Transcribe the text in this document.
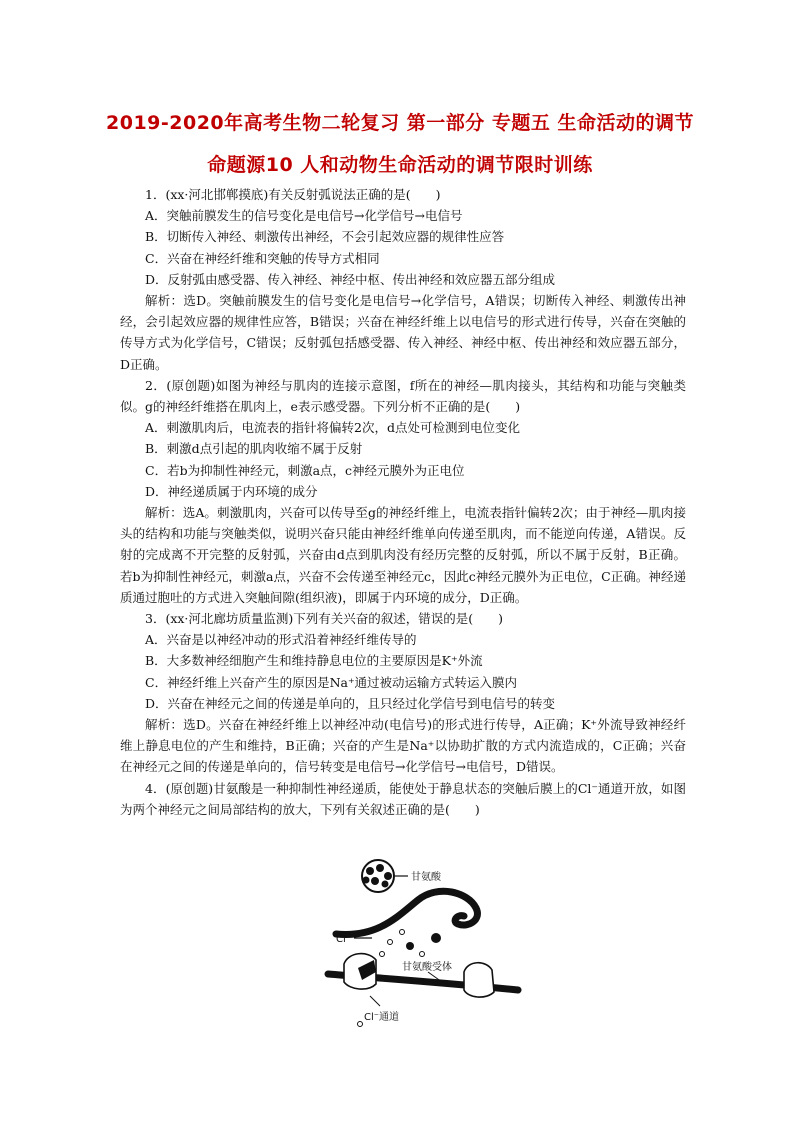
2019-2020年高考生物二轮复习 第一部分 专题五 生命活动的调节
命题源10 人和动物生命活动的调节限时训练

1．(xx·河北邯郸摸底)有关反射弧说法正确的是(　　)

A．突触前膜发生的信号变化是电信号→化学信号→电信号

B．切断传入神经、刺激传出神经，不会引起效应器的规律性应答

C．兴奋在神经纤维和突触的传导方式相同

D．反射弧由感受器、传入神经、神经中枢、传出神经和效应器五部分组成

解析：选D。突触前膜发生的信号变化是电信号→化学信号，A错误；切断传入神经、刺激传出神经，会引起效应器的规律性应答，B错误；兴奋在神经纤维上以电信号的形式进行传导，兴奋在突触的传导方式为化学信号，C错误；反射弧包括感受器、传入神经、神经中枢、传出神经和效应器五部分，D正确。

2．(原创题)如图为神经与肌肉的连接示意图，f所在的神经—肌肉接头，其结构和功能与突触类似。g的神经纤维搭在肌肉上，e表示感受器。下列分析不正确的是(　　)

A．刺激肌肉后，电流表的指针将偏转2次，d点处可检测到电位变化

B．刺激d点引起的肌肉收缩不属于反射

C．若b为抑制性神经元，刺激a点，c神经元膜外为正电位

D．神经递质属于内环境的成分

解析：选A。刺激肌肉，兴奋可以传导至g的神经纤维上，电流表指针偏转2次；由于神经—肌肉接头的结构和功能与突触类似，说明兴奋只能由神经纤维单向传递至肌肉，而不能逆向传递，A错误。反射的完成离不开完整的反射弧，兴奋由d点到肌肉没有经历完整的反射弧，所以不属于反射，B正确。若b为抑制性神经元，刺激a点，兴奋不会传递至神经元c，因此c神经元膜外为正电位，C正确。神经递质通过胞吐的方式进入突触间隙(组织液)，即属于内环境的成分，D正确。

3．(xx·河北廊坊质量监测)下列有关兴奋的叙述，错误的是(　　)

A．兴奋是以神经冲动的形式沿着神经纤维传导的

B．大多数神经细胞产生和维持静息电位的主要原因是K⁺外流

C．神经纤维上兴奋产生的原因是Na⁺通过被动运输方式转运入膜内

D．兴奋在神经元之间的传递是单向的，且只经过化学信号到电信号的转变

解析：选D。兴奋在神经纤维上以神经冲动(电信号)的形式进行传导，A正确；K⁺外流导致神经纤维上静息电位的产生和维持，B正确；兴奋的产生是Na⁺以协助扩散的方式内流造成的，C正确；兴奋在神经元之间的传递是单向的，信号转变是电信号→化学信号→电信号，D错误。

4．(原创题)甘氨酸是一种抑制性神经递质，能使处于静息状态的突触后膜上的Cl⁻通道开放，如图为两个神经元之间局部结构的放大，下列有关叙述正确的是(　　)

甘氨酸
Cl⁻
甘氨酸受体
Cl⁻通道
